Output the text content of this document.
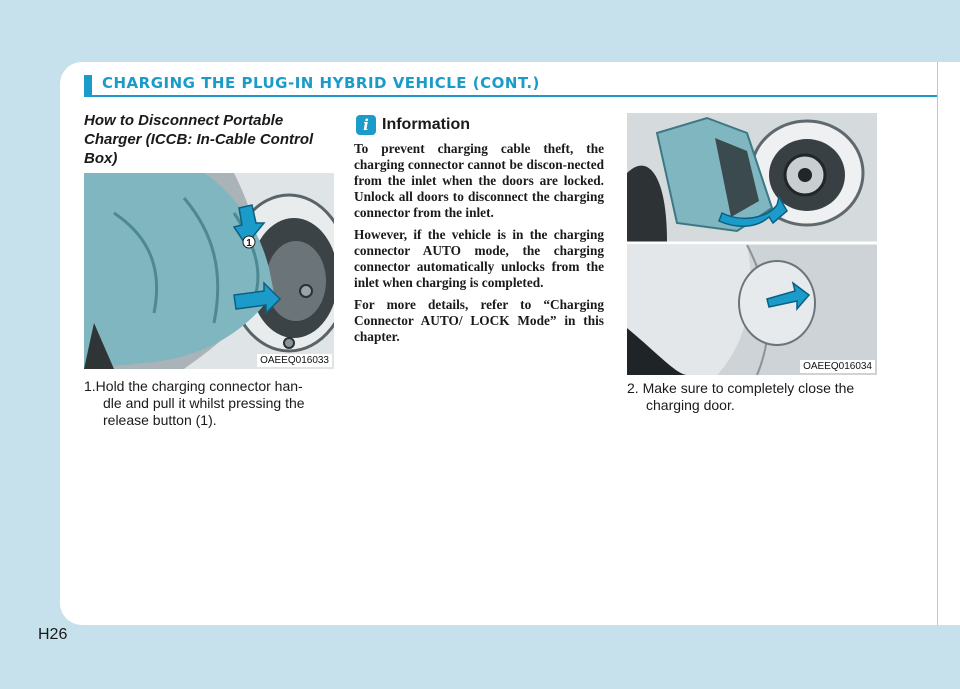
CHARGING THE PLUG-IN HYBRID VEHICLE (CONT.)
How to Disconnect Portable Charger (ICCB: In-Cable Control Box)
1
OAEEQ016033
1.Hold the charging connector han-
dle and pull it whilst pressing the release button (1).
i Information

To prevent charging cable theft, the charging connector cannot be discon-nected from the inlet when the doors are locked. Unlock all doors to disconnect the charging connector from the inlet.

However, if the vehicle is in the charging connector AUTO mode, the charging connector automatically unlocks from the inlet when charging is completed.

For more details, refer to “Charging Connector AUTO/ LOCK Mode” in this chapter.

OAEEQ016034
2. Make sure to completely close the
charging door.
H26
